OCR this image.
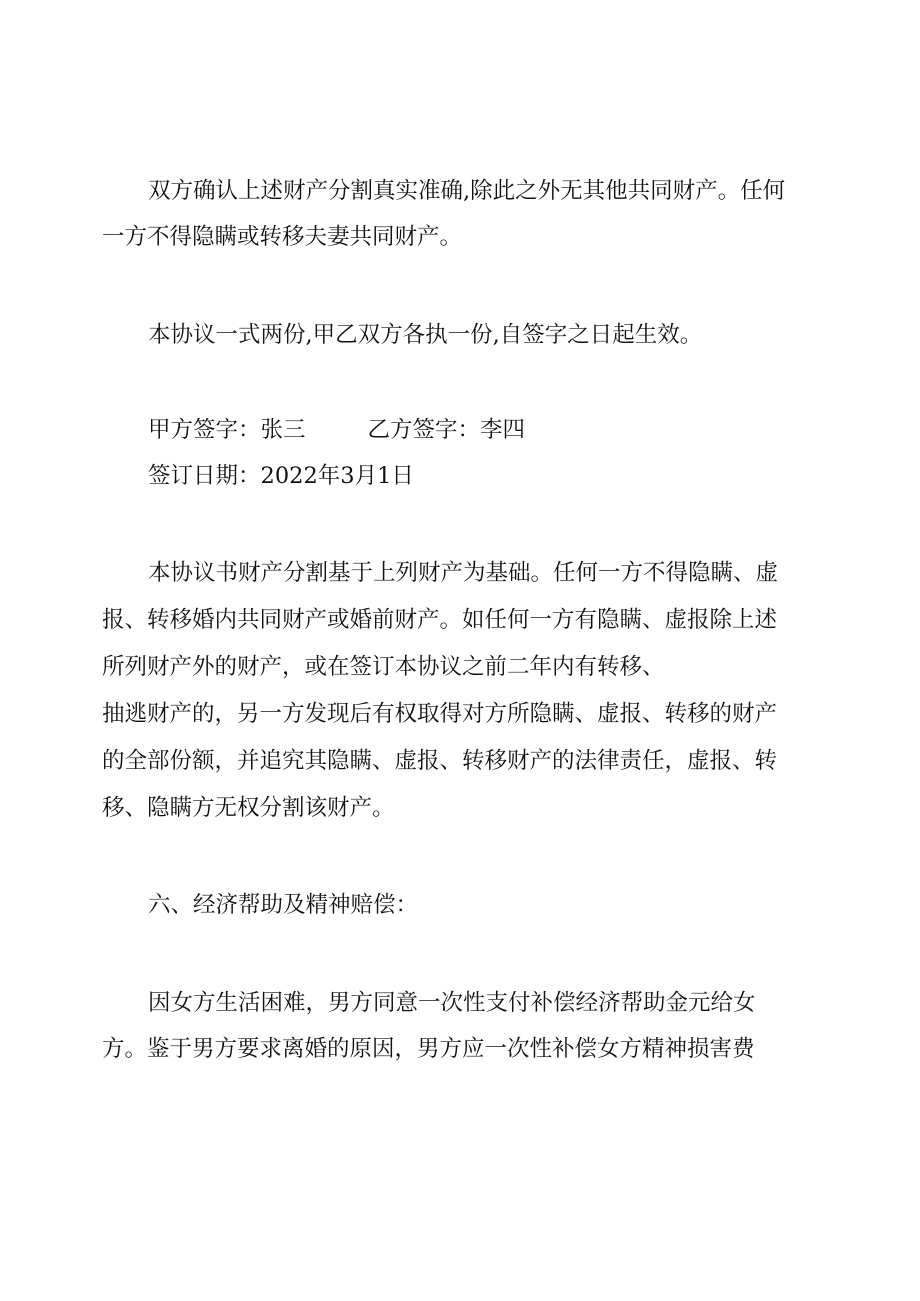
双方确认上述财产分割真实准确,除此之外无其他共同财产。任何
一方不得隐瞒或转移夫妻共同财产。
本协议一式两份,甲乙双方各执一份,自签字之日起生效。
甲方签字：张三	乙方签字：李四
签订日期：2022年3月1日
本协议书财产分割基于上列财产为基础。任何一方不得隐瞒、虚
报、转移婚内共同财产或婚前财产。如任何一方有隐瞒、虚报除上述
所列财产外的财产，或在签订本协议之前二年内有转移、
抽逃财产的，另一方发现后有权取得对方所隐瞒、虚报、转移的财产
的全部份额，并追究其隐瞒、虚报、转移财产的法律责任，虚报、转
移、隐瞒方无权分割该财产。
六、经济帮助及精神赔偿：
因女方生活困难，男方同意一次性支付补偿经济帮助金元给女
方。鉴于男方要求离婚的原因，男方应一次性补偿女方精神损害费
